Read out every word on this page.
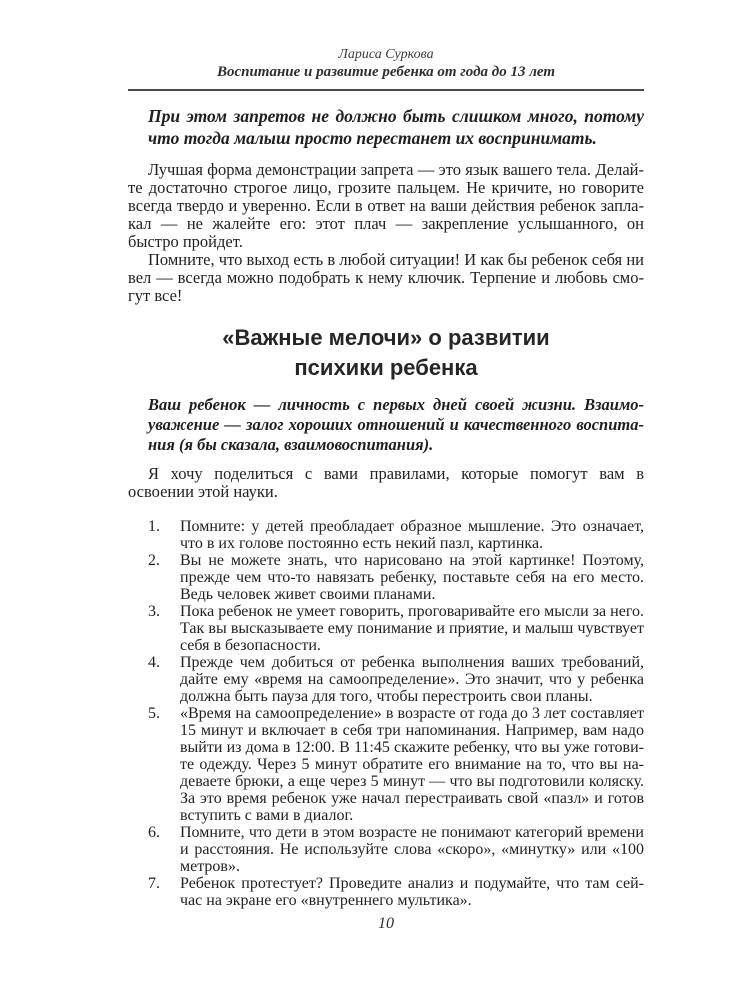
Лариса Суркова
Воспитание и развитие ребенка от года до 13 лет
При этом запретов не должно быть слишком много, потому что тогда малыш просто перестанет их воспринимать.

Лучшая форма демонстрации запрета — это язык вашего тела. Делайте достаточно строгое лицо, грозите пальцем. Не кричите, но говорите всегда твердо и уверенно. Если в ответ на ваши действия ребенок заплакал — не жалейте его: этот плач — закрепление услышанного, он быстро пройдет.

Помните, что выход есть в любой ситуации! И как бы ребенок себя ни вел — всегда можно подобрать к нему ключик. Терпение и любовь смогут все!

«Важные мелочи» о развитии
психики ребенка
Ваш ребенок — личность с первых дней своей жизни. Взаимоуважение — залог хороших отношений и качественного воспитания (я бы сказала, взаимовоспитания).

Я хочу поделиться с вами правилами, которые помогут вам в освоении этой науки.

1.	Помните: у детей преобладает образное мышление. Это означает, что в их голове постоянно есть некий пазл, картинка.
2.	Вы не можете знать, что нарисовано на этой картинке! Поэтому, прежде чем что-то навязать ребенку, поставьте себя на его место. Ведь человек живет своими планами.
3.	Пока ребенок не умеет говорить, проговаривайте его мысли за него. Так вы высказываете ему понимание и приятие, и малыш чувствует себя в безопасности.
4.	Прежде чем добиться от ребенка выполнения ваших требований, дайте ему «время на самоопределение». Это значит, что у ребенка должна быть пауза для того, чтобы перестроить свои планы.
5.	«Время на самоопределение» в возрасте от года до 3 лет составляет 15 минут и включает в себя три напоминания. Например, вам надо выйти из дома в 12:00. В 11:45 скажите ребенку, что вы уже готовите одежду. Через 5 минут обратите его внимание на то, что вы надеваете брюки, а еще через 5 минут — что вы подготовили коляску. За это время ребенок уже начал перестраивать свой «пазл» и готов вступить с вами в диалог.
6.	Помните, что дети в этом возрасте не понимают категорий времени и расстояния. Не используйте слова «скоро», «минутку» или «100 метров».
7.	Ребенок протестует? Проведите анализ и подумайте, что там сейчас на экране его «внутреннего мультика».
10
